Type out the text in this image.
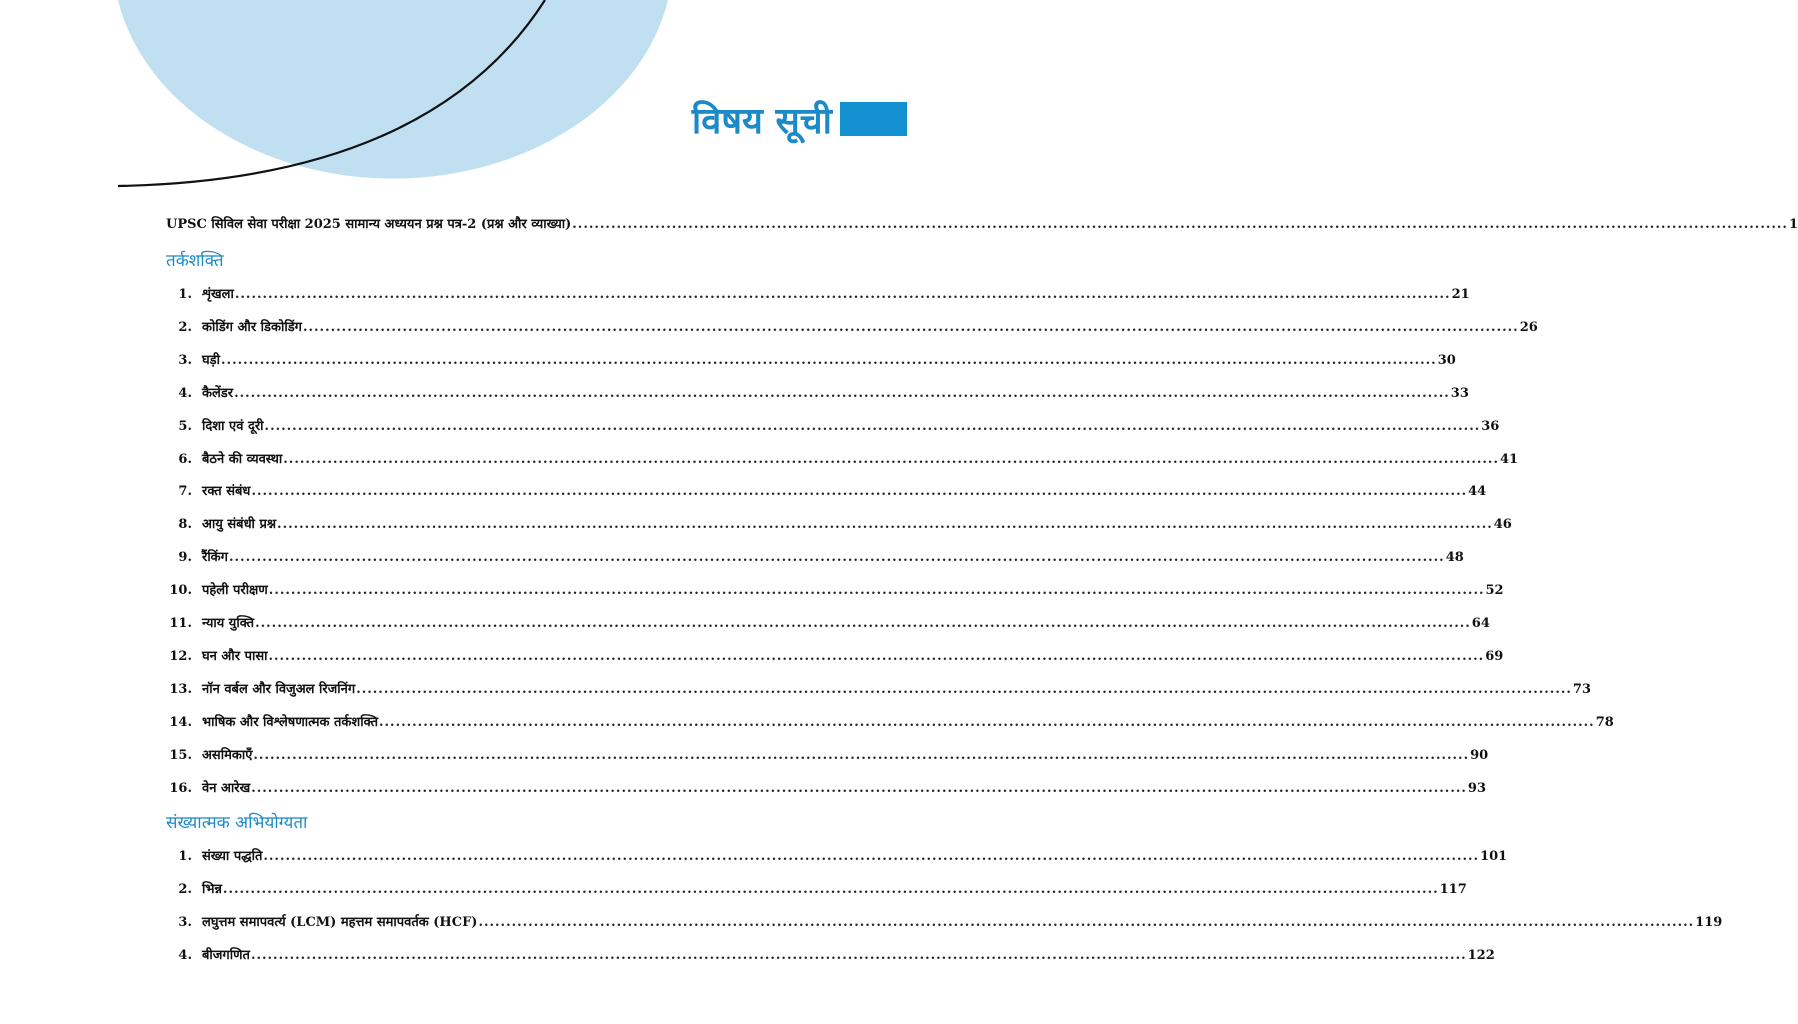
विषय सूची
UPSC सिविल सेवा परीक्षा 2025 सामान्य अध्ययन प्रश्न पत्र-2 (प्रश्न और व्याख्या) ............................................................................................................................................................................................................................ 1
तर्कशक्ति
1. शृंखला ............................................................................................................................................................................................................................ 21
2. कोडिंग और डिकोडिंग ............................................................................................................................................................................................................................ 26
3. घड़ी ............................................................................................................................................................................................................................ 30
4. कैलेंडर ............................................................................................................................................................................................................................ 33
5. दिशा एवं दूरी ............................................................................................................................................................................................................................ 36
6. बैठने की व्यवस्था ............................................................................................................................................................................................................................ 41
7. रक्त संबंध ............................................................................................................................................................................................................................ 44
8. आयु संबंधी प्रश्न ............................................................................................................................................................................................................................ 46
9. रैंकिंग ............................................................................................................................................................................................................................ 48
10. पहेली परीक्षण ............................................................................................................................................................................................................................ 52
11. न्याय युक्ति ............................................................................................................................................................................................................................ 64
12. घन और पासा ............................................................................................................................................................................................................................ 69
13. नॉन वर्बल और विजुअल रिजनिंग ............................................................................................................................................................................................................................ 73
14. भाषिक और विश्लेषणात्मक तर्कशक्ति ............................................................................................................................................................................................................................ 78
15. असमिकाएँ ............................................................................................................................................................................................................................ 90
16. वेन आरेख ............................................................................................................................................................................................................................ 93
संख्यात्मक अभियोग्यता
1. संख्या पद्धति ............................................................................................................................................................................................................................ 101
2. भिन्न ............................................................................................................................................................................................................................ 117
3. लघुत्तम समापवर्त्य (LCM) महत्तम समापवर्तक (HCF) ............................................................................................................................................................................................................................ 119
4. बीजगणित ............................................................................................................................................................................................................................ 122
